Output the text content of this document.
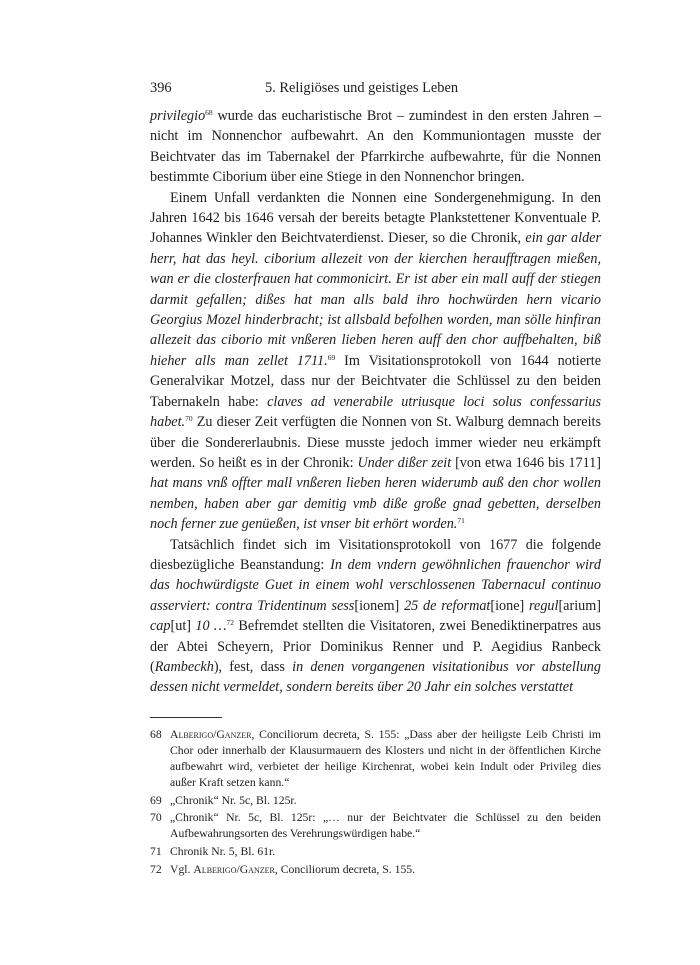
396	5. Religiöses und geistiges Leben

privilegio$^{68}$ wurde das eucharistische Brot – zumindest in den ersten Jahren – nicht im Nonnenchor aufbewahrt. An den Kommuniontagen musste der Beichtvater das im Tabernakel der Pfarrkirche aufbewahrte, für die Nonnen bestimmte Ciborium über eine Stiege in den Nonnenchor bringen.

Einem Unfall verdankten die Nonnen eine Sondergenehmigung. In den Jahren 1642 bis 1646 versah der bereits betagte Plankstettener Konventuale P. Johannes Winkler den Beichtvaterdienst. Dieser, so die Chronik, ein gar alder herr, hat das heyl. ciborium allezeit von der kierchen heraufftragen mießen, wan er die closterfrauen hat commonicirt. Er ist aber ein mall auff der stiegen darmit gefallen; dißes hat man alls bald ihro hochwürden hern vicario Georgius Mozel hinderbracht; ist allsbald befolhen worden, man sölle hinfiran allezeit das ciborio mit vnßeren lieben heren auff den chor auffbehalten, biß hieher alls man zellet 1711.69 Im Visitationsprotokoll von 1644 notierte Generalvikar Motzel, dass nur der Beichtvater die Schlüssel zu den beiden Tabernakeln habe: claves ad venerabile utriusque loci solus confessarius habet.$^{70}$ Zu dieser Zeit verfügten die Nonnen von St. Walburg demnach bereits über die Sondererlaubnis. Diese musste jedoch immer wieder neu erkämpft werden. So heißt es in der Chronik: Under dißer zeit [von etwa 1646 bis 1711] hat mans vnß offter mall vnßeren lieben heren widerumb auß den chor wollen nemben, haben aber gar demitig vmb diße große gnad gebetten, derselben noch ferner zue genüeßen, ist vnser bit erhört worden.$^{71}$

Tatsächlich findet sich im Visitationsprotokoll von 1677 die folgende diesbezügliche Beanstandung: In dem vndern gewöhnlichen frauenchor wird das hochwürdigste Guet in einem wohl verschlossenen Tabernacul continuo asserviert: contra Tridentinum sess[ionem] 25 de reformat[ione] regul[arium] cap[ut] 10 …$^{72}$ Befremdet stellten die Visitatoren, zwei Benediktinerpatres aus der Abtei Scheyern, Prior Dominikus Renner und P. Aegidius Ranbeck (Rambeckh), fest, dass in denen vorgangenen visitationibus vor abstellung dessen nicht vermeldet, sondern bereits über 20 Jahr ein solches verstattet

68 Alberigo/Ganzer, Conciliorum decreta, S. 155: „Dass aber der heiligste Leib Christi im Chor oder innerhalb der Klausurmauern des Klosters und nicht in der öffentlichen Kirche aufbewahrt wird, verbietet der heilige Kirchenrat, wobei kein Indult oder Privileg dies außer Kraft setzen kann.“
69 „Chronik“ Nr. 5c, Bl. 125r.
70 „Chronik“ Nr. 5c, Bl. 125r: „… nur der Beichtvater die Schlüssel zu den beiden Aufbewahrungsorten des Verehrungswürdigen habe.“
71 Chronik Nr. 5, Bl. 61r.
72 Vgl. Alberigo/Ganzer, Conciliorum decreta, S. 155.
